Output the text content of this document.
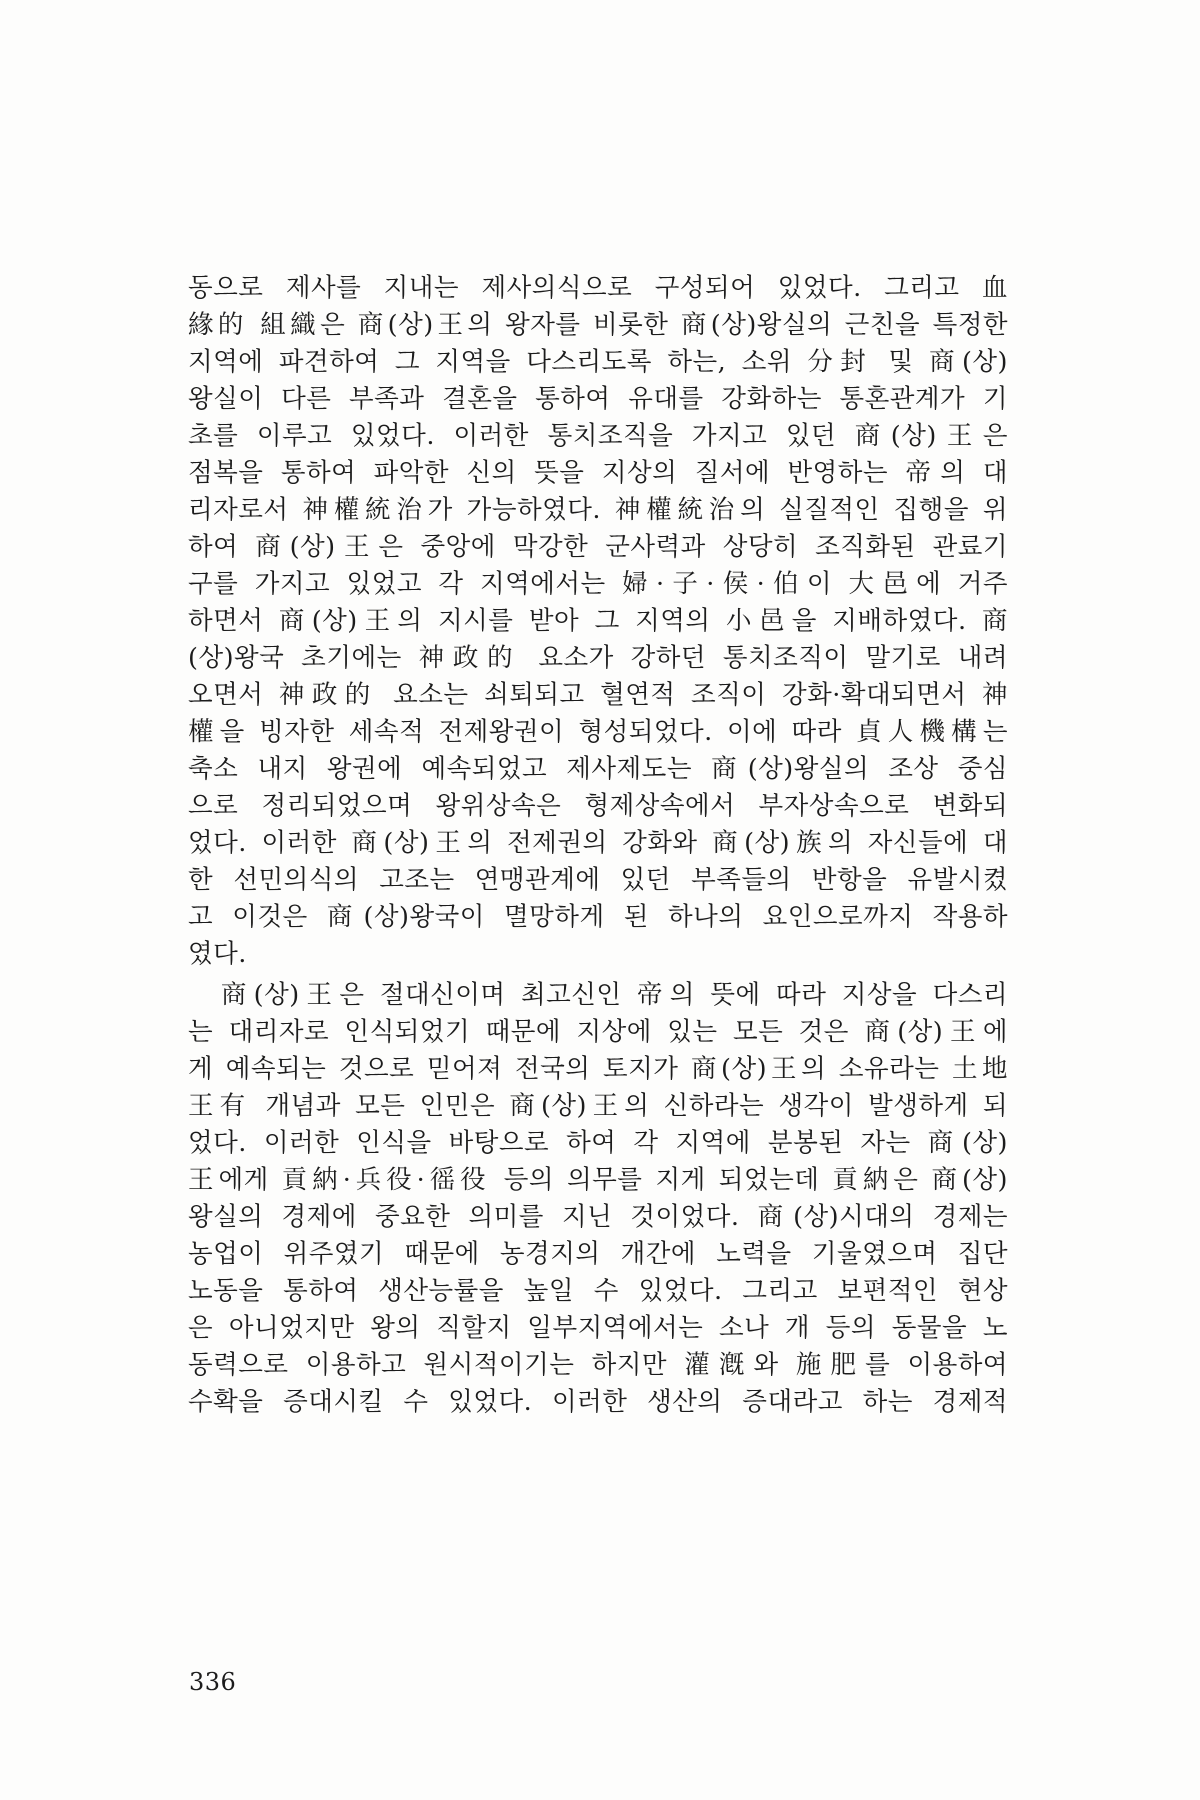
동으로 제사를 지내는 제사의식으로 구성되어 있었다. 그리고 血
緣的 組織은 商(상)王의 왕자를 비롯한 商(상)왕실의 근친을 특정한
지역에 파견하여 그 지역을 다스리도록 하는, 소위 分封 및 商(상)
왕실이 다른 부족과 결혼을 통하여 유대를 강화하는 통혼관계가 기
초를 이루고 있었다. 이러한 통치조직을 가지고 있던 商(상)王은
점복을 통하여 파악한 신의 뜻을 지상의 질서에 반영하는 帝의 대
리자로서 神權統治가 가능하였다. 神權統治의 실질적인 집행을 위
하여 商(상)王은 중앙에 막강한 군사력과 상당히 조직화된 관료기
구를 가지고 있었고 각 지역에서는 婦·子·侯·伯이 大邑에 거주
하면서 商(상)王의 지시를 받아 그 지역의 小邑을 지배하였다. 商
(상)왕국 초기에는 神政的 요소가 강하던 통치조직이 말기로 내려
오면서 神政的 요소는 쇠퇴되고 혈연적 조직이 강화·확대되면서 神
權을 빙자한 세속적 전제왕권이 형성되었다. 이에 따라 貞人機構는
축소 내지 왕권에 예속되었고 제사제도는 商(상)왕실의 조상 중심
으로 정리되었으며 왕위상속은 형제상속에서 부자상속으로 변화되
었다. 이러한 商(상)王의 전제권의 강화와 商(상)族의 자신들에 대
한 선민의식의 고조는 연맹관계에 있던 부족들의 반항을 유발시켰
고 이것은 商(상)왕국이 멸망하게 된 하나의 요인으로까지 작용하
였다.
　商(상)王은 절대신이며 최고신인 帝의 뜻에 따라 지상을 다스리
는 대리자로 인식되었기 때문에 지상에 있는 모든 것은 商(상)王에
게 예속되는 것으로 믿어져 전국의 토지가 商(상)王의 소유라는 土地
王有 개념과 모든 인민은 商(상)王의 신하라는 생각이 발생하게 되
었다. 이러한 인식을 바탕으로 하여 각 지역에 분봉된 자는 商(상)
王에게 貢納·兵役·徭役 등의 의무를 지게 되었는데 貢納은 商(상)
왕실의 경제에 중요한 의미를 지닌 것이었다. 商(상)시대의 경제는
농업이 위주였기 때문에 농경지의 개간에 노력을 기울였으며 집단
노동을 통하여 생산능률을 높일 수 있었다. 그리고 보편적인 현상
은 아니었지만 왕의 직할지 일부지역에서는 소나 개 등의 동물을 노
동력으로 이용하고 원시적이기는 하지만 灌漑와 施肥를 이용하여
수확을 증대시킬 수 있었다. 이러한 생산의 증대라고 하는 경제적
336
